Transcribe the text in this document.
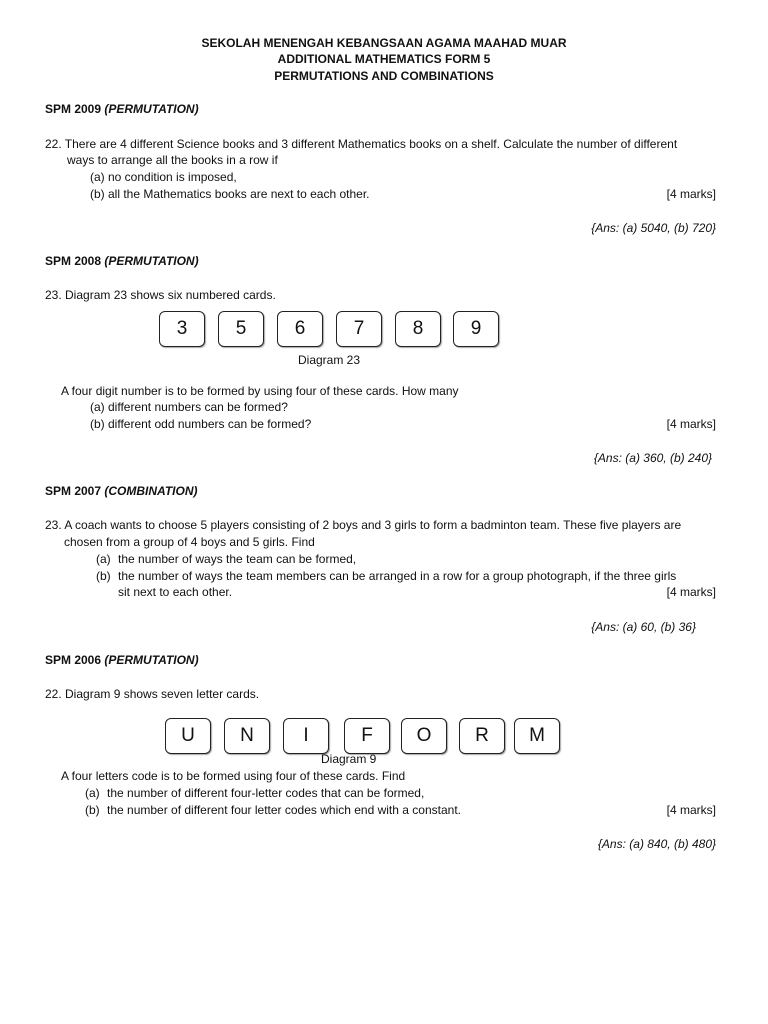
SEKOLAH MENENGAH KEBANGSAAN AGAMA MAAHAD MUAR
ADDITIONAL MATHEMATICS FORM 5
PERMUTATIONS AND COMBINATIONS
SPM 2009 (PERMUTATION)
22. There are 4 different Science books and 3 different Mathematics books on a shelf. Calculate the number of different
ways to arrange all the books in a row if
(a) no condition is imposed,
(b) all the Mathematics books are next to each other.	[4 marks]
{Ans: (a) 5040, (b) 720}
SPM 2008 (PERMUTATION)
23. Diagram 23 shows six numbered cards.
3	5	6	7	8	9
Diagram 23
A four digit number is to be formed by using four of these cards. How many
(a) different numbers can be formed?
(b) different odd numbers can be formed?	[4 marks]
{Ans: (a) 360, (b) 240}
SPM 2007 (COMBINATION)
23. A coach wants to choose 5 players consisting of 2 boys and 3 girls to form a badminton team. These five players are
chosen from a group of 4 boys and 5 girls. Find
(a) the number of ways the team can be formed,
(b) the number of ways the team members can be arranged in a row for a group photograph, if the three girls
sit next to each other.	[4 marks]
{Ans: (a) 60, (b) 36}
SPM 2006 (PERMUTATION)
22. Diagram 9 shows seven letter cards.
U	N	I	F	O	R	M
Diagram 9
A four letters code is to be formed using four of these cards. Find
(a) the number of different four-letter codes that can be formed,
(b) the number of different four letter codes which end with a constant.	[4 marks]
{Ans: (a) 840, (b) 480}
